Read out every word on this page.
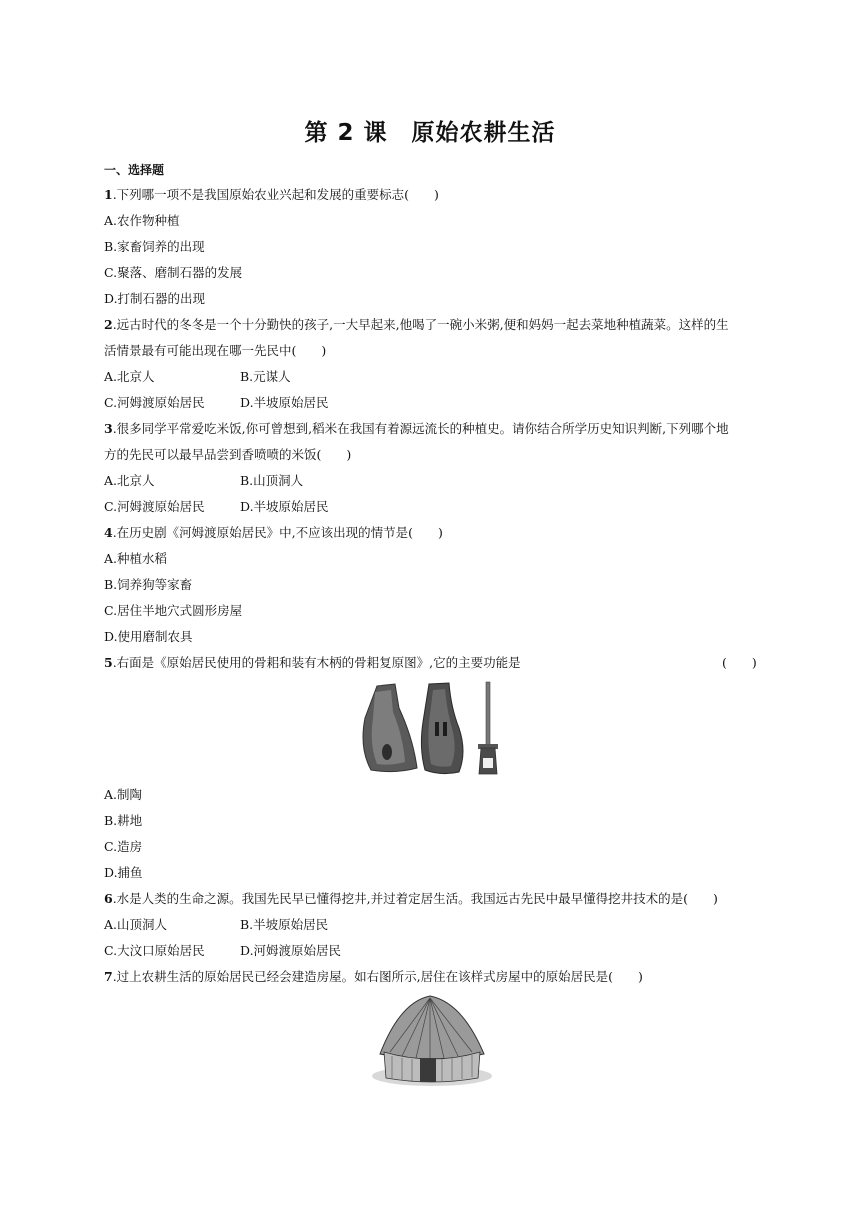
第 2 课　原始农耕生活
一、选择题
1.下列哪一项不是我国原始农业兴起和发展的重要标志(　　)
A.农作物种植
B.家畜饲养的出现
C.聚落、磨制石器的发展
D.打制石器的出现
2.远古时代的冬冬是一个十分勤快的孩子,一大早起来,他喝了一碗小米粥,便和妈妈一起去菜地种植蔬菜。这样的生
活情景最有可能出现在哪一先民中(　　)
A.北京人	B.元谋人
C.河姆渡原始居民	D.半坡原始居民
3.很多同学平常爱吃米饭,你可曾想到,稻米在我国有着源远流长的种植史。请你结合所学历史知识判断,下列哪个地
方的先民可以最早品尝到香喷喷的米饭(　　)
A.北京人	B.山顶洞人
C.河姆渡原始居民	D.半坡原始居民
4.在历史剧《河姆渡原始居民》中,不应该出现的情节是(　　)
A.种植水稻
B.饲养狗等家畜
C.居住半地穴式圆形房屋
D.使用磨制农具
5.右面是《原始居民使用的骨耜和装有木柄的骨耜复原图》,它的主要功能是	(　　)
A.制陶
B.耕地
C.造房
D.捕鱼
6.水是人类的生命之源。我国先民早已懂得挖井,并过着定居生活。我国远古先民中最早懂得挖井技术的是(　　)
A.山顶洞人	B.半坡原始居民
C.大汶口原始居民	D.河姆渡原始居民
7.过上农耕生活的原始居民已经会建造房屋。如右图所示,居住在该样式房屋中的原始居民是(　　)
